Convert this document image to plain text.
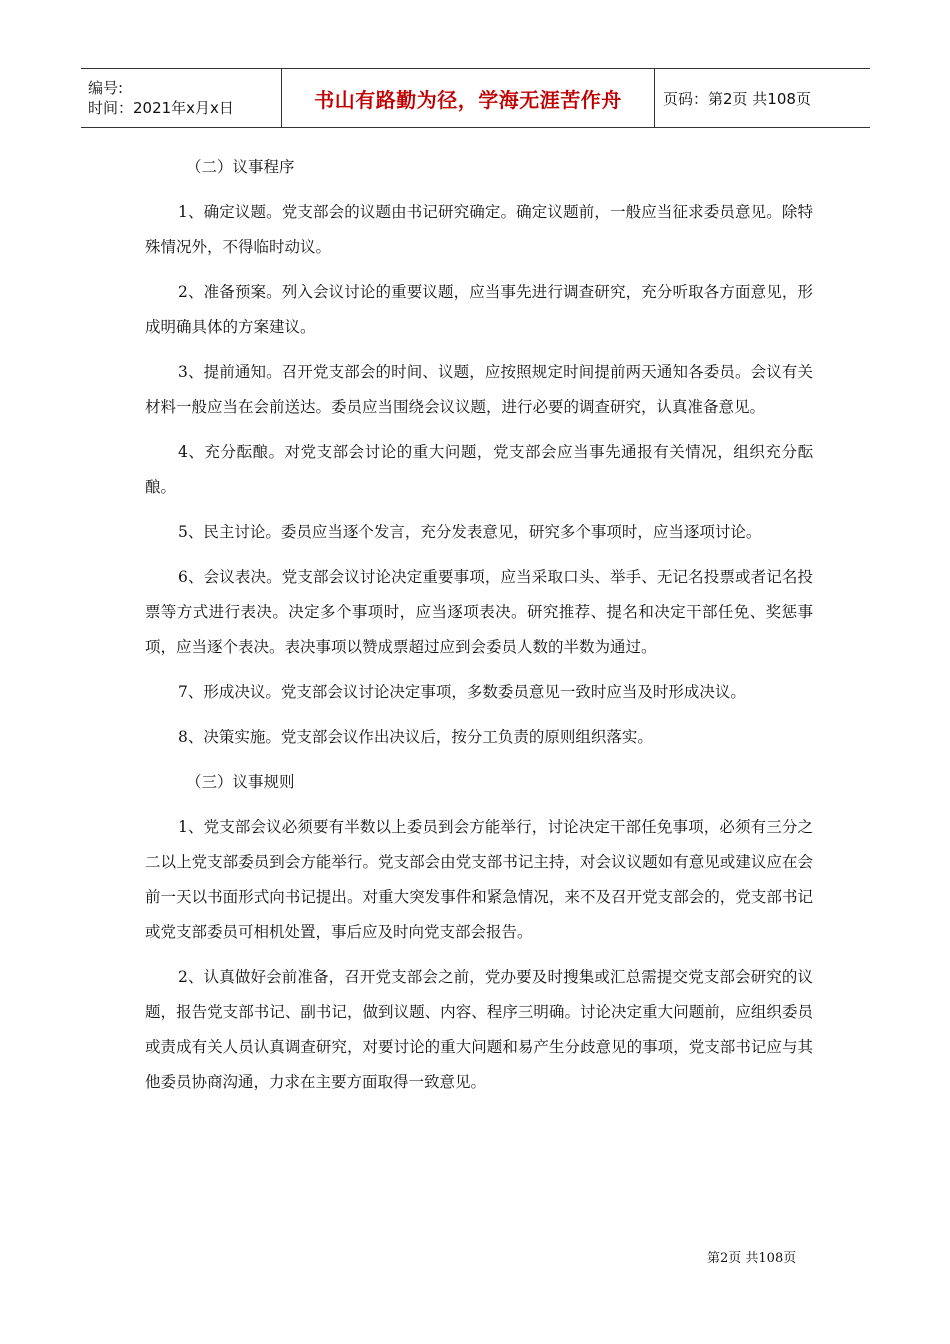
编号:
时间：2021年x月x日	书山有路勤为径，学海无涯苦作舟	页码：第2页 共108页

（二）议事程序

1、确定议题。党支部会的议题由书记研究确定。确定议题前，一般应当征求委员意见。除特殊情况外，不得临时动议。

2、准备预案。列入会议讨论的重要议题，应当事先进行调查研究，充分听取各方面意见，形成明确具体的方案建议。

3、提前通知。召开党支部会的时间、议题，应按照规定时间提前两天通知各委员。会议有关材料一般应当在会前送达。委员应当围绕会议议题，进行必要的调查研究，认真准备意见。

4、充分酝酿。对党支部会讨论的重大问题，党支部会应当事先通报有关情况，组织充分酝酿。

5、民主讨论。委员应当逐个发言，充分发表意见，研究多个事项时，应当逐项讨论。

6、会议表决。党支部会议讨论决定重要事项，应当采取口头、举手、无记名投票或者记名投票等方式进行表决。决定多个事项时，应当逐项表决。研究推荐、提名和决定干部任免、奖惩事项，应当逐个表决。表决事项以赞成票超过应到会委员人数的半数为通过。

7、形成决议。党支部会议讨论决定事项，多数委员意见一致时应当及时形成决议。

8、决策实施。党支部会议作出决议后，按分工负责的原则组织落实。

（三）议事规则

1、党支部会议必须要有半数以上委员到会方能举行，讨论决定干部任免事项，必须有三分之二以上党支部委员到会方能举行。党支部会由党支部书记主持，对会议议题如有意见或建议应在会前一天以书面形式向书记提出。对重大突发事件和紧急情况，来不及召开党支部会的，党支部书记或党支部委员可相机处置，事后应及时向党支部会报告。

2、认真做好会前准备，召开党支部会之前，党办要及时搜集或汇总需提交党支部会研究的议题，报告党支部书记、副书记，做到议题、内容、程序三明确。讨论决定重大问题前，应组织委员或责成有关人员认真调查研究，对要讨论的重大问题和易产生分歧意见的事项，党支部书记应与其他委员协商沟通，力求在主要方面取得一致意见。

第2页 共108页
